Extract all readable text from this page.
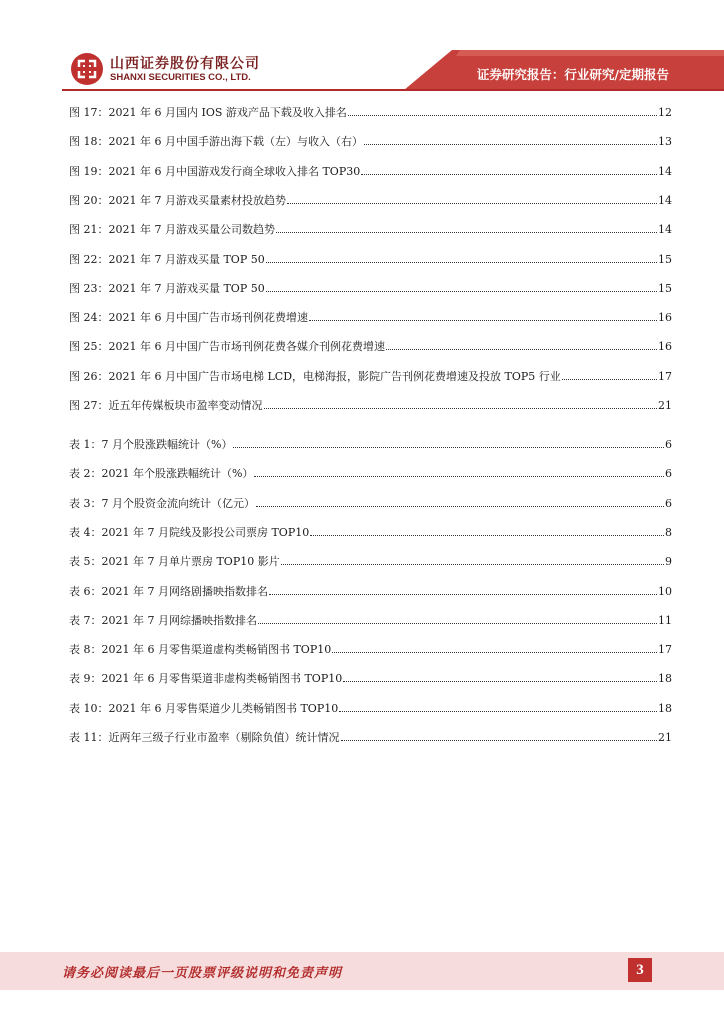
山西证券股份有限公司
SHANXI SECURITIES CO., LTD.	证券研究报告：行业研究/定期报告
图 17：2021 年 6 月国内 IOS 游戏产品下载及收入排名	12
图 18：2021 年 6 月中国手游出海下载（左）与收入（右）	13
图 19：2021 年 6 月中国游戏发行商全球收入排名 TOP30	14
图 20：2021 年 7 月游戏买量素材投放趋势	14
图 21：2021 年 7 月游戏买量公司数趋势	14
图 22：2021 年 7 月游戏买量 TOP 50	15
图 23：2021 年 7 月游戏买量 TOP 50	15
图 24：2021 年 6 月中国广告市场刊例花费增速	16
图 25：2021 年 6 月中国广告市场刊例花费各媒介刊例花费增速	16
图 26：2021 年 6 月中国广告市场电梯 LCD，电梯海报，影院广告刊例花费增速及投放 TOP5 行业	17
图 27：近五年传媒板块市盈率变动情况	21
表 1：7 月个股涨跌幅统计（%）	6
表 2：2021 年个股涨跌幅统计（%）	6
表 3：7 月个股资金流向统计（亿元）	6
表 4：2021 年 7 月院线及影投公司票房 TOP10	8
表 5：2021 年 7 月单片票房 TOP10 影片	9
表 6：2021 年 7 月网络剧播映指数排名	10
表 7：2021 年 7 月网综播映指数排名	11
表 8：2021 年 6 月零售渠道虚构类畅销图书 TOP10	17
表 9：2021 年 6 月零售渠道非虚构类畅销图书 TOP10	18
表 10：2021 年 6 月零售渠道少儿类畅销图书 TOP10	18
表 11：近两年三级子行业市盈率（剔除负值）统计情况	21
请务必阅读最后一页股票评级说明和免责声明	3
